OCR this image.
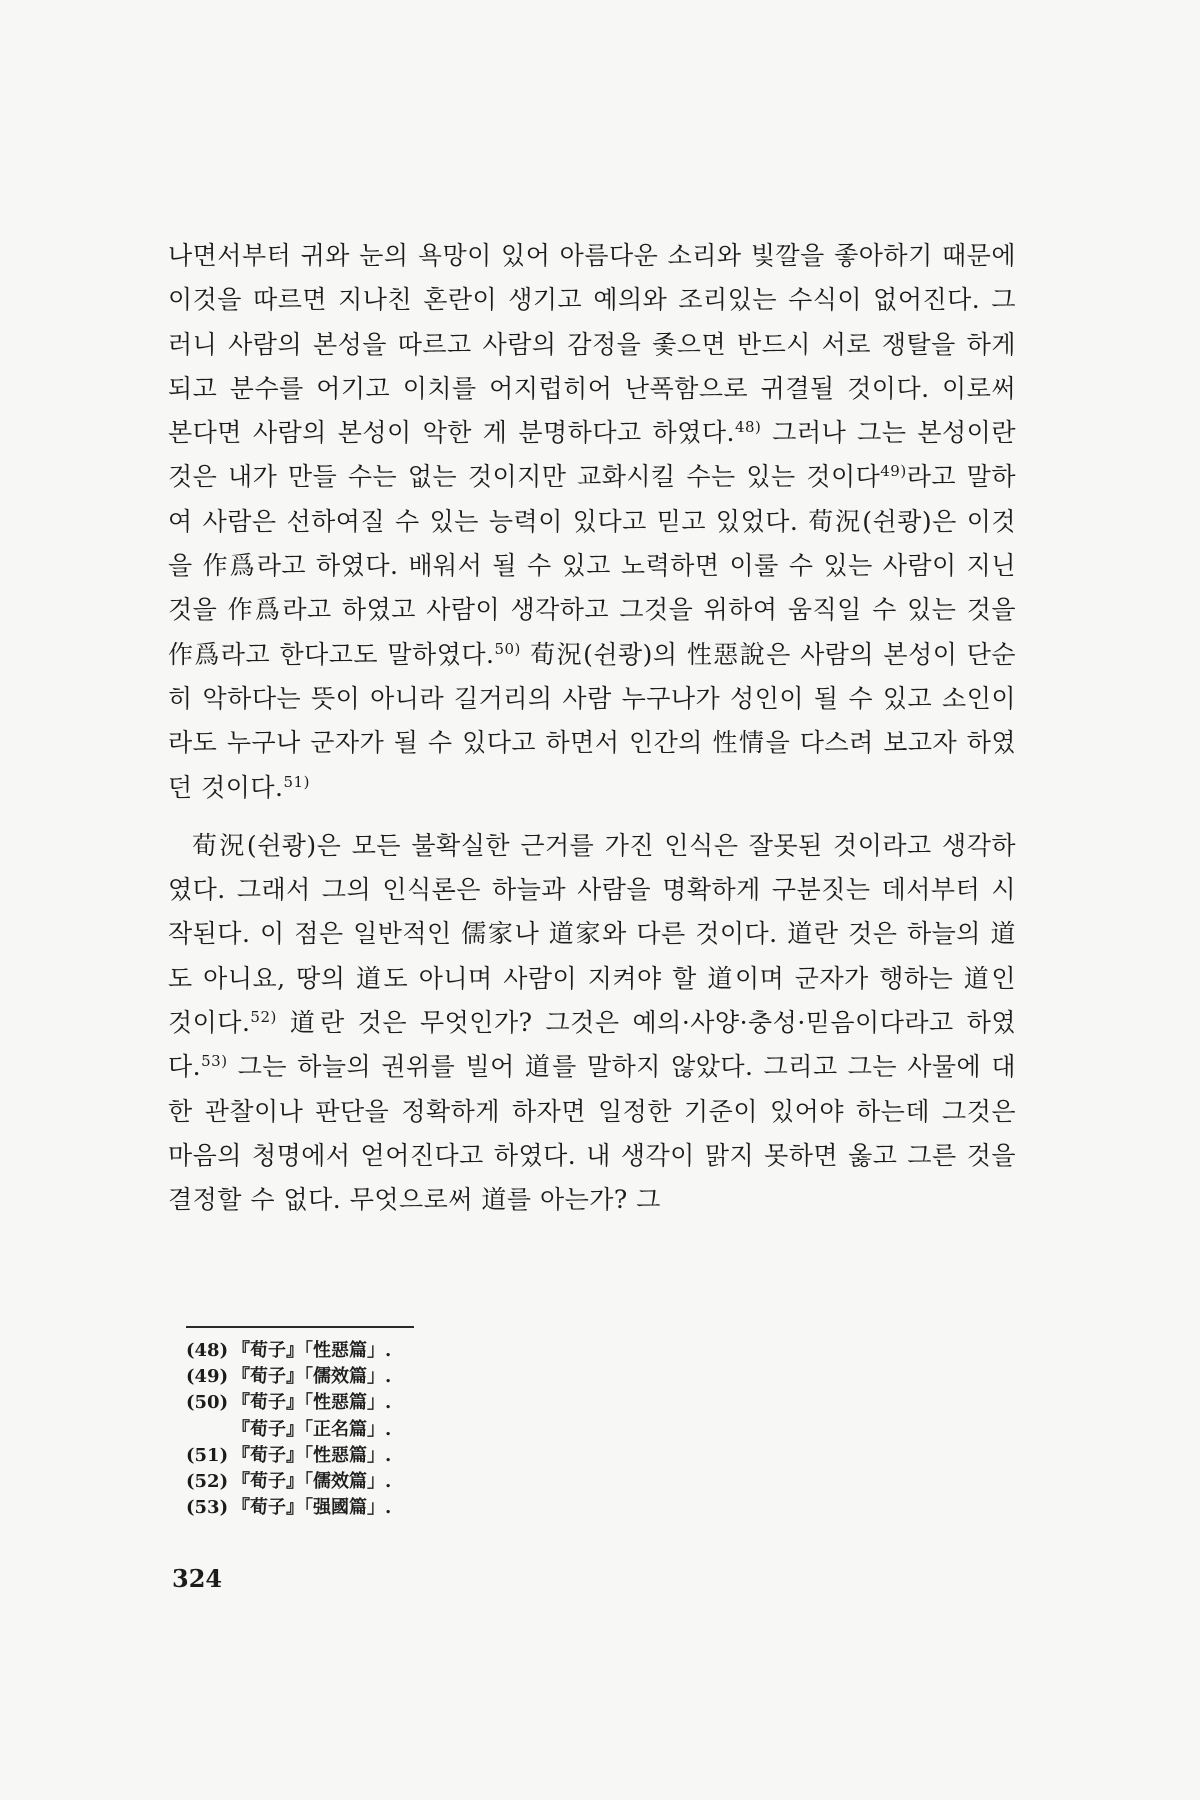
나면서부터 귀와 눈의 욕망이 있어 아름다운 소리와 빛깔을 좋아하기 때문에 이것을 따르면 지나친 혼란이 생기고 예의와 조리있는 수식이 없어진다. 그러니 사람의 본성을 따르고 사람의 감정을 좇으면 반드시 서로 쟁탈을 하게 되고 분수를 어기고 이치를 어지럽히어 난폭함으로 귀결될 것이다. 이로써 본다면 사람의 본성이 악한 게 분명하다고 하였다.$^{48)}$ 그러나 그는 본성이란 것은 내가 만들 수는 없는 것이지만 교화시킬 수는 있는 것이다$^{49)}$라고 말하여 사람은 선하여질 수 있는 능력이 있다고 믿고 있었다. 荀況(쉰쾅)은 이것을 作爲라고 하였다. 배워서 될 수 있고 노력하면 이룰 수 있는 사람이 지닌 것을 作爲라고 하였고 사람이 생각하고 그것을 위하여 움직일 수 있는 것을 作爲라고 한다고도 말하였다.$^{50)}$ 荀況(쉰쾅)의 性惡說은 사람의 본성이 단순히 악하다는 뜻이 아니라 길거리의 사람 누구나가 성인이 될 수 있고 소인이라도 누구나 군자가 될 수 있다고 하면서 인간의 性情을 다스려 보고자 하였던 것이다.$^{51)}$

荀況(쉰쾅)은 모든 불확실한 근거를 가진 인식은 잘못된 것이라고 생각하였다. 그래서 그의 인식론은 하늘과 사람을 명확하게 구분짓는 데서부터 시작된다. 이 점은 일반적인 儒家나 道家와 다른 것이다. 道란 것은 하늘의 道도 아니요, 땅의 道도 아니며 사람이 지켜야 할 道이며 군자가 행하는 道인 것이다.$^{52)}$ 道란 것은 무엇인가? 그것은 예의·사양·충성·믿음이다라고 하였다.$^{53)}$ 그는 하늘의 권위를 빌어 道를 말하지 않았다. 그리고 그는 사물에 대한 관찰이나 판단을 정확하게 하자면 일정한 기준이 있어야 하는데 그것은 마음의 청명에서 얻어진다고 하였다. 내 생각이 맑지 못하면 옳고 그른 것을 결정할 수 없다. 무엇으로써 道를 아는가? 그

(48) 『荀子』「性惡篇」.
(49) 『荀子』「儒效篇」.
(50) 『荀子』「性惡篇」.
『荀子』「正名篇」.
(51) 『荀子』「性惡篇」.
(52) 『荀子』「儒效篇」.
(53) 『荀子』「强國篇」.
324
